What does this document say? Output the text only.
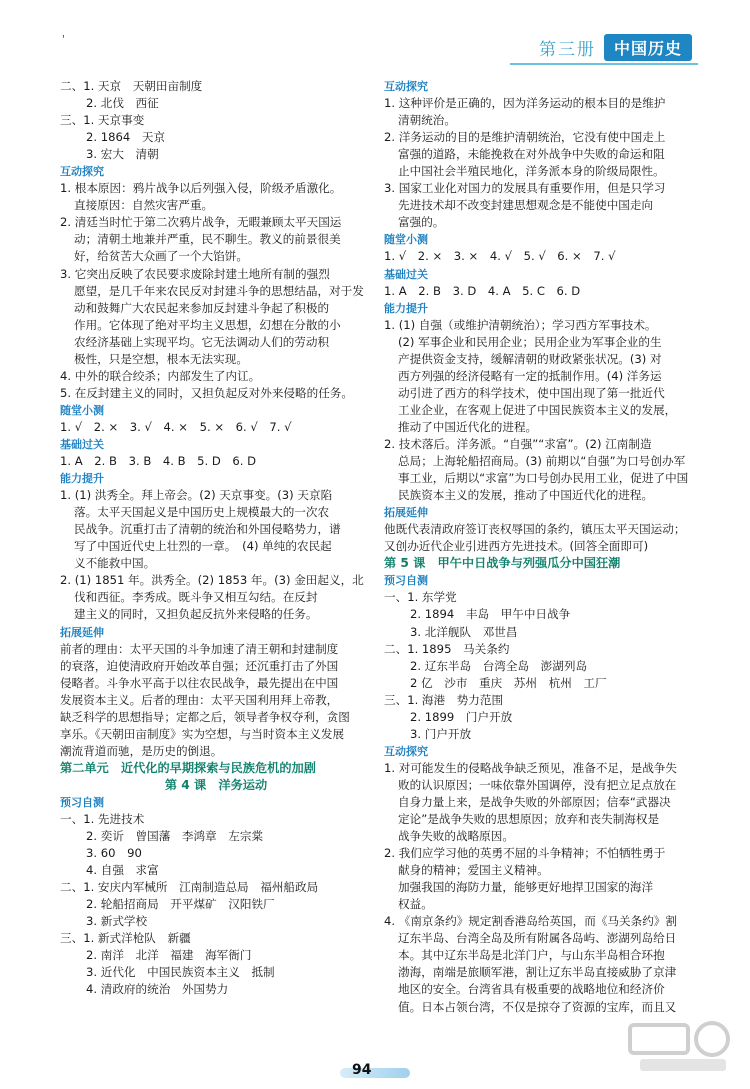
第三册	中国历史
'
二、1. 天京　天朝田亩制度
2. 北伐　西征
三、1. 天京事变
2. 1864　天京
3. 宏大　清朝
互动探究
1. 根本原因：鸦片战争以后列强入侵，阶级矛盾激化。
直接原因：自然灾害严重。
2. 清廷当时忙于第二次鸦片战争，无暇兼顾太平天国运
动；清朝土地兼并严重，民不聊生。教义的前景很美
好，给贫苦大众画了一个大馅饼。
3. 它突出反映了农民要求废除封建土地所有制的强烈
愿望，是几千年来农民反对封建斗争的思想结晶，对于发
动和鼓舞广大农民起来参加反封建斗争起了积极的
作用。它体现了绝对平均主义思想，幻想在分散的小
农经济基础上实现平均。它无法调动人们的劳动积
极性，只是空想，根本无法实现。
4. 中外的联合绞杀；内部发生了内讧。
5. 在反封建主义的同时，又担负起反对外来侵略的任务。
随堂小测
1. √　2. ×　3. √　4. ×　5. ×　6. √　7. √
基础过关
1. A　2. B　3. B　4. B　5. D　6. D
能力提升
1. (1) 洪秀全。拜上帝会。(2) 天京事变。(3) 天京陷
落。太平天国起义是中国历史上规模最大的一次农
民战争。沉重打击了清朝的统治和外国侵略势力，谱
写了中国近代史上壮烈的一章。　(4) 单纯的农民起
义不能救中国。
2. (1) 1851 年。洪秀全。(2) 1853 年。(3) 金田起义，北
伐和西征。李秀成。既斗争又相互勾结。在反封
建主义的同时，又担负起反抗外来侵略的任务。
拓展延伸
前者的理由：太平天国的斗争加速了清王朝和封建制度
的衰落，迫使清政府开始改革自强；还沉重打击了外国
侵略者。斗争水平高于以往农民战争，最先提出在中国
发展资本主义。后者的理由：太平天国利用拜上帝教，
缺乏科学的思想指导；定都之后，领导者争权夺利，贪图
享乐。《天朝田亩制度》实为空想，与当时资本主义发展
潮流背道而驰，是历史的倒退。
第二单元　近代化的早期探索与民族危机的加剧
第 4 课　洋务运动
预习自测
一、1. 先进技术
2. 奕䜣　曾国藩　李鸿章　左宗棠
3. 60　90
4. 自强　求富
二、1. 安庆内军械所　江南制造总局　福州船政局
2. 轮船招商局　开平煤矿　汉阳铁厂
3. 新式学校
三、1. 新式洋枪队　新疆
2. 南洋　北洋　福建　海军衙门
3. 近代化　中国民族资本主义　抵制
4. 清政府的统治　外国势力
互动探究
1. 这种评价是正确的，因为洋务运动的根本目的是维护
清朝统治。
2. 洋务运动的目的是维护清朝统治，它没有使中国走上
富强的道路，未能挽救在对外战争中失败的命运和阻
止中国社会半殖民地化，洋务派本身的阶级局限性。
3. 国家工业化对国力的发展具有重要作用，但是只学习
先进技术却不改变封建思想观念是不能使中国走向
富强的。
随堂小测
1. √　2. ×　3. ×　4. √　5. √　6. ×　7. √
基础过关
1. A　2. B　3. D　4. A　5. C　6. D
能力提升
1. (1) 自强（或维护清朝统治）；学习西方军事技术。
(2) 军事企业和民用企业；民用企业为军事企业的生
产提供资金支持，缓解清朝的财政紧张状况。(3) 对
西方列强的经济侵略有一定的抵制作用。(4) 洋务运
动引进了西方的科学技术，使中国出现了第一批近代
工业企业，在客观上促进了中国民族资本主义的发展，
推动了中国近代化的进程。
2. 技术落后。洋务派。“自强”“求富”。(2) 江南制造
总局；上海轮船招商局。(3) 前期以“自强”为口号创办军
事工业，后期以“求富”为口号创办民用工业，促进了中国
民族资本主义的发展，推动了中国近代化的进程。
拓展延伸
他既代表清政府签订丧权辱国的条约，镇压太平天国运动；
又创办近代企业引进西方先进技术。(回答全面即可)
第 5 课　甲午中日战争与列强瓜分中国狂潮
预习自测
一、1. 东学党
2. 1894　丰岛　甲午中日战争
3. 北洋舰队　邓世昌
二、1. 1895　马关条约
2. 辽东半岛　台湾全岛　澎湖列岛
2 亿　沙市　重庆　苏州　杭州　工厂
三、1. 海港　势力范围
2. 1899　门户开放
3. 门户开放
互动探究
1. 对可能发生的侵略战争缺乏预见，准备不足，是战争失
败的认识原因；一味依靠外国调停，没有把立足点放在
自身力量上来，是战争失败的外部原因；信奉“武器决
定论”是战争失败的思想原因；放弃和丧失制海权是
战争失败的战略原因。
2. 我们应学习他的英勇不屈的斗争精神；不怕牺牲勇于
献身的精神；爱国主义精神。
加强我国的海防力量，能够更好地捍卫国家的海洋
权益。
4. 《南京条约》规定割香港岛给英国，而《马关条约》割
辽东半岛、台湾全岛及所有附属各岛屿、澎湖列岛给日
本。其中辽东半岛是北洋门户，与山东半岛相合环抱
渤海，南端是旅顺军港，割让辽东半岛直接威胁了京津
地区的安全。台湾省具有极重要的战略地位和经济价
值。日本占领台湾，不仅是掠夺了资源的宝库，而且又
94
